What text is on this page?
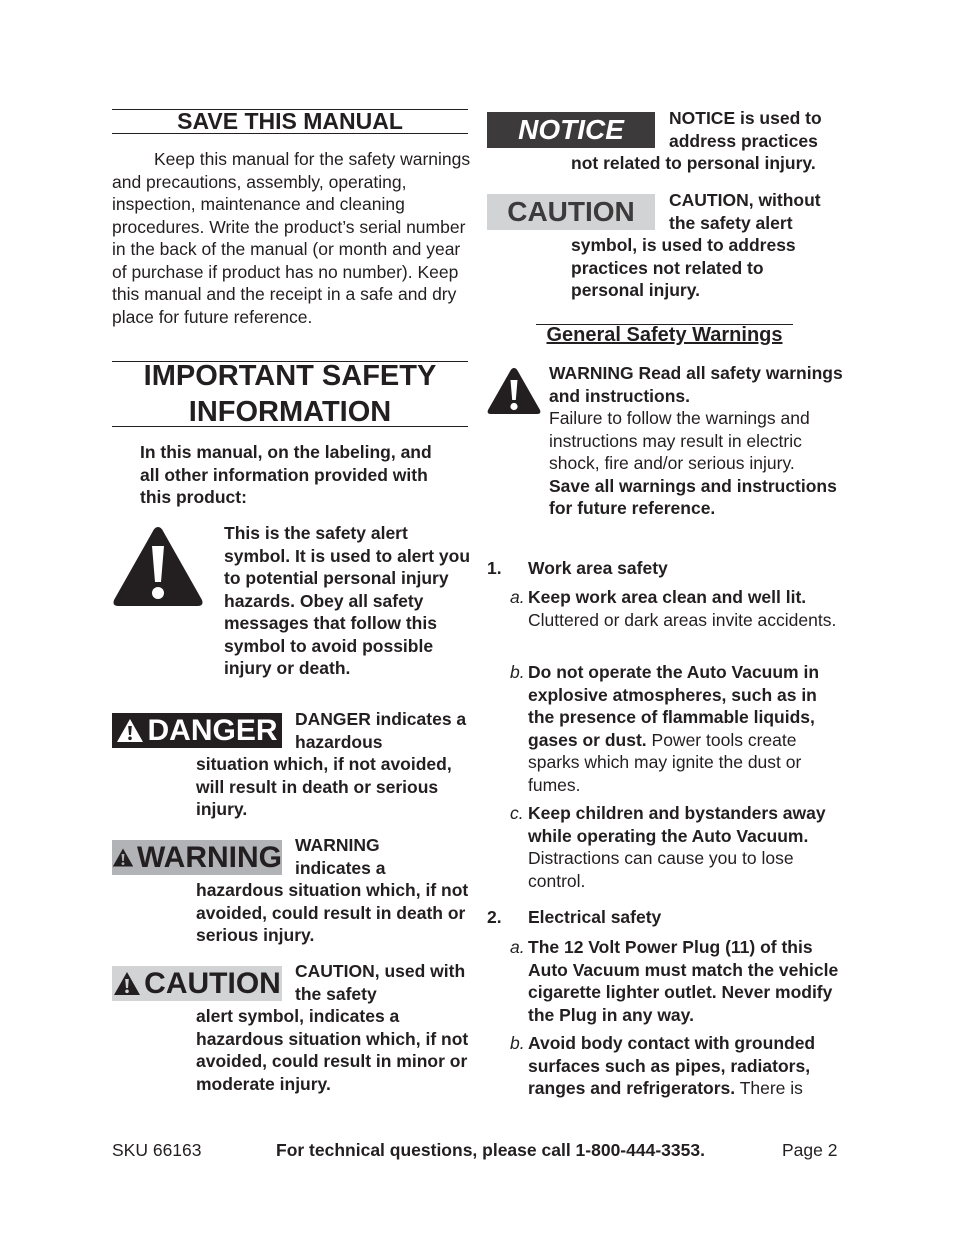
SAVE THIS MANUAL
Keep this manual for the safety warnings and precautions, assembly, operating, inspection, maintenance and cleaning procedures. Write the product’s serial number in the back of the manual (or month and year of purchase if product has no number). Keep this manual and the receipt in a safe and dry place for future reference.
IMPORTANT SAFETY
INFORMATION
In this manual, on the labeling, and all other information provided with this product:
This is the safety alert symbol. It is used to alert you to potential personal injury hazards. Obey all safety messages that follow this symbol to avoid possible injury or death.
DANGER DANGER indicates a hazardous
situation which, if not avoided, will result in death or serious injury.
WARNING WARNING indicates a
hazardous situation which, if not avoided, could result in death or serious injury.
CAUTION CAUTION, used with the safety
alert symbol, indicates a hazardous situation which, if not avoided, could result in minor or moderate injury.
NOTICE	NOTICE is used to address practices
not related to personal injury.
CAUTION CAUTION, without the safety alert
symbol, is used to address practices not related to personal injury.
General Safety Warnings
WARNING Read all safety warnings and instructions.
Failure to follow the warnings and instructions may result in electric shock, fire and/or serious injury.
Save all warnings and instructions for future reference.
1. Work area safety
a. Keep work area clean and well lit. Cluttered or dark areas invite accidents.
b. Do not operate the Auto Vacuum in explosive atmospheres, such as in the presence of flammable liquids, gases or dust. Power tools create sparks which may ignite the dust or fumes.
c. Keep children and bystanders away while operating the Auto Vacuum. Distractions can cause you to lose control.
2. Electrical safety
a. The 12 Volt Power Plug (11) of this Auto Vacuum must match the vehicle cigarette lighter outlet. Never modify the Plug in any way.
b. Avoid body contact with grounded surfaces such as pipes, radiators, ranges and refrigerators. There is
SKU 66163	For technical questions, please call 1-800-444-3353.	Page 2
